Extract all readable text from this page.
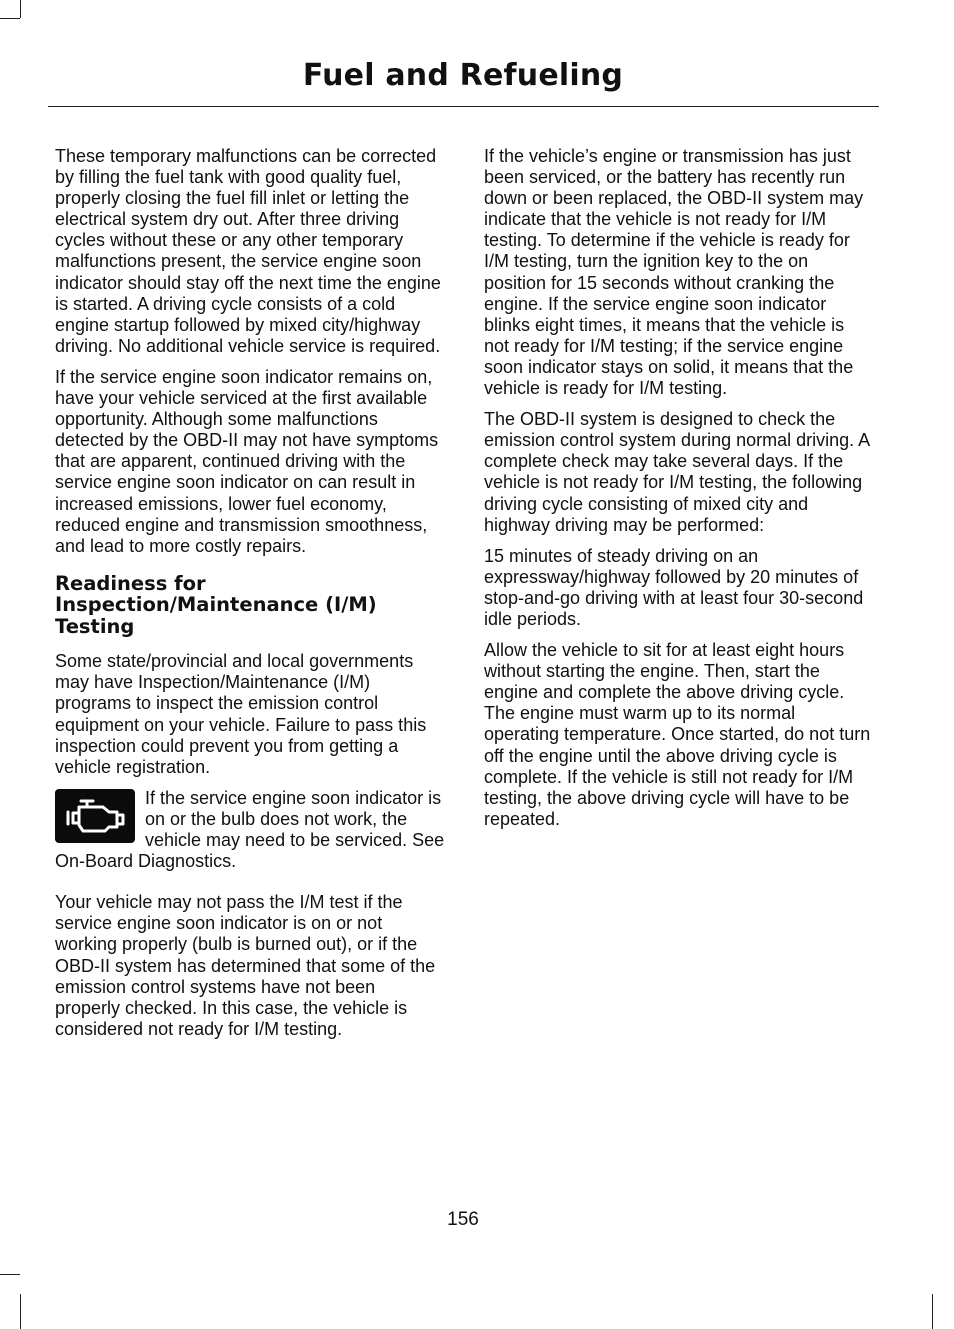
Fuel and Refueling

These temporary malfunctions can be corrected by filling the fuel tank with good quality fuel, properly closing the fuel fill inlet or letting the electrical system dry out. After three driving cycles without these or any other temporary malfunctions present, the service engine soon indicator should stay off the next time the engine is started. A driving cycle consists of a cold engine startup followed by mixed city/highway driving. No additional vehicle service is required.

If the service engine soon indicator remains on, have your vehicle serviced at the first available opportunity. Although some malfunctions detected by the OBD-II may not have symptoms that are apparent, continued driving with the service engine soon indicator on can result in increased emissions, lower fuel economy, reduced engine and transmission smoothness, and lead to more costly repairs.

Readiness for Inspection/Maintenance (I/M) Testing

Some state/provincial and local governments may have Inspection/Maintenance (I/M) programs to inspect the emission control equipment on your vehicle. Failure to pass this inspection could prevent you from getting a vehicle registration.

If the service engine soon indicator is on or the bulb does not work, the vehicle may need to be serviced. See On-Board Diagnostics.

Your vehicle may not pass the I/M test if the service engine soon indicator is on or not working properly (bulb is burned out), or if the OBD-II system has determined that some of the emission control systems have not been properly checked. In this case, the vehicle is considered not ready for I/M testing.

If the vehicle’s engine or transmission has just been serviced, or the battery has recently run down or been replaced, the OBD-II system may indicate that the vehicle is not ready for I/M testing. To determine if the vehicle is ready for I/M testing, turn the ignition key to the on position for 15 seconds without cranking the engine. If the service engine soon indicator blinks eight times, it means that the vehicle is not ready for I/M testing; if the service engine soon indicator stays on solid, it means that the vehicle is ready for I/M testing.

The OBD-II system is designed to check the emission control system during normal driving. A complete check may take several days. If the vehicle is not ready for I/M testing, the following driving cycle consisting of mixed city and highway driving may be performed:

15 minutes of steady driving on an expressway/highway followed by 20 minutes of stop-and-go driving with at least four 30-second idle periods.

Allow the vehicle to sit for at least eight hours without starting the engine. Then, start the engine and complete the above driving cycle. The engine must warm up to its normal operating temperature. Once started, do not turn off the engine until the above driving cycle is complete. If the vehicle is still not ready for I/M testing, the above driving cycle will have to be repeated.

156
